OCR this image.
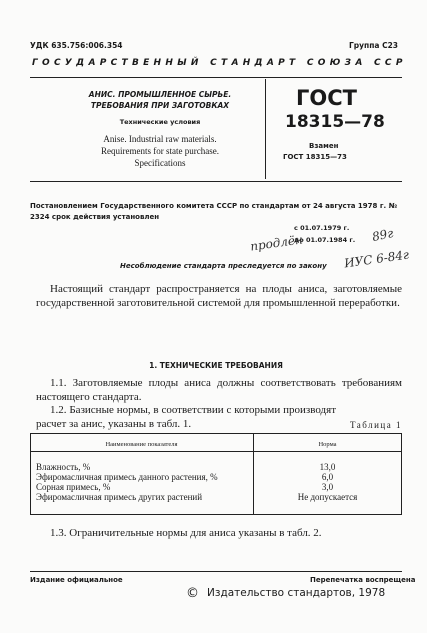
УДК 635.756:006.354	Группа С23
ГОСУДАРСТВЕННЫЙ СТАНДАРТ СОЮЗА ССР
АНИС. ПРОМЫШЛЕННОЕ СЫРЬЕ.
ТРЕБОВАНИЯ ПРИ ЗАГОТОВКАХ
Технические условия
Anise. Industrial raw materials.
Requirements for state purchase.
Specifications
ГОСТ
18315—78
Взамен
ГОСТ 18315—73
Постановлением Государственного комитета СССР по стандартам от 24 августа 1978 г. № 2324 срок действия установлен
с 01.07.1979 г.
до 01.07.1984 г.
продлён	89г
ИУС 6-84г
Несоблюдение стандарта преследуется по закону
Настоящий стандарт распространяется на плоды аниса, заготовляемые государственной заготовительной системой для промышленной переработки.
1. ТЕХНИЧЕСКИЕ ТРЕБОВАНИЯ
1.1. Заготовляемые плоды аниса должны соответствовать требованиям настоящего стандарта.
1.2. Базисные нормы, в соответствии с которыми производят расчет за анис, указаны в табл. 1.	Таблица 1
Наименование показателя	Норма
Влажность, %	13,0
Эфиромасличная примесь данного растения, %	6,0
Сорная примесь, %	3,0
Эфиромасличная примесь других растений	Не допускается
1.3. Ограничительные нормы для аниса указаны в табл. 2.
Издание официальное	Перепечатка воспрещена
© Издательство стандартов, 1978
